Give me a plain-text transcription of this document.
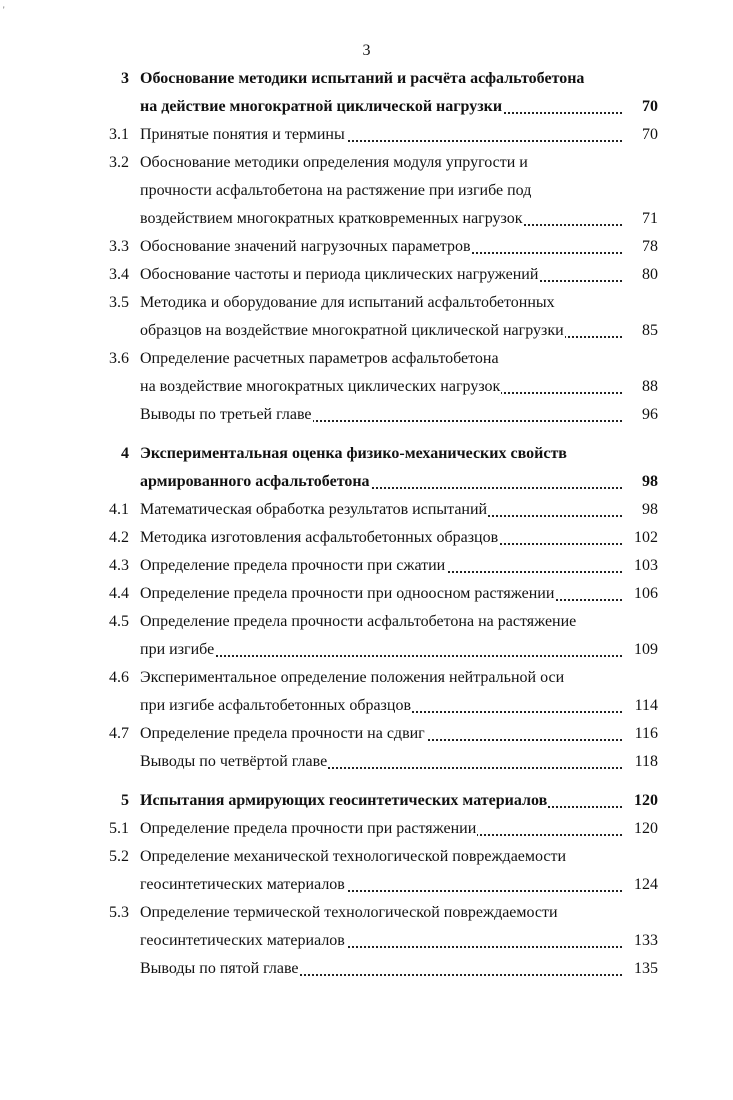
'
3
3 Обоснование методики испытаний и расчёта асфальтобетона
на действие многократной циклической нагрузки	70
3.1 Принятые понятия и термины	70
3.2 Обоснование методики определения модуля упругости и
прочности асфальтобетона на растяжение при изгибе под
воздействием многократных кратковременных нагрузок	71
3.3 Обоснование значений нагрузочных параметров	78
3.4 Обоснование частоты и периода циклических нагружений	80
3.5 Методика и оборудование для испытаний асфальтобетонных
образцов на воздействие многократной циклической нагрузки	85
3.6 Определение расчетных параметров асфальтобетона
на воздействие многократных циклических нагрузок	88
Выводы по третьей главе	96
4 Экспериментальная оценка физико-механических свойств
армированного асфальтобетона	98
4.1 Математическая обработка результатов испытаний	98
4.2 Методика изготовления асфальтобетонных образцов	102
4.3 Определение предела прочности при сжатии	103
4.4 Определение предела прочности при одноосном растяжении	106
4.5 Определение предела прочности асфальтобетона на растяжение
при изгибе	109
4.6 Экспериментальное определение положения нейтральной оси
при изгибе асфальтобетонных образцов	114
4.7 Определение предела прочности на сдвиг	116
Выводы по четвёртой главе	118
5 Испытания армирующих геосинтетических материалов	120
5.1 Определение предела прочности при растяжении	120
5.2 Определение механической технологической повреждаемости
геосинтетических материалов	124
5.3 Определение термической технологической повреждаемости
геосинтетических материалов	133
Выводы по пятой главе	135
